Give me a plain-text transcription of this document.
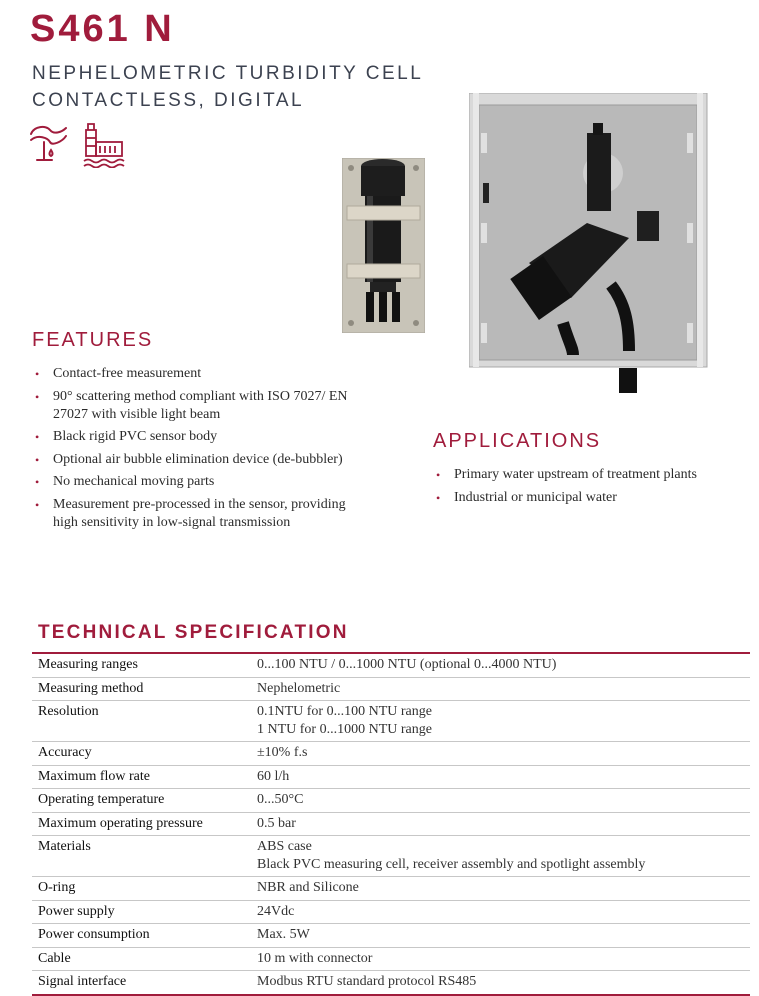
S461 N
NEPHELOMETRIC TURBIDITY CELL
CONTACTLESS, DIGITAL
FEATURES
• Contact-free measurement
• 90° scattering method compliant with ISO 7027/ EN 27027 with visible light beam
• Black rigid PVC sensor body
• Optional air bubble elimination device (de-bubbler)
• No mechanical moving parts
• Measurement pre-processed in the sensor, providing high sensitivity in low-signal transmission
APPLICATIONS
• Primary water upstream of treatment plants
• Industrial or municipal water
TECHNICAL SPECIFICATION
Measuring ranges	0...100 NTU / 0...1000 NTU (optional 0...4000 NTU)

Measuring method	Nephelometric

Resolution	0.1NTU for 0...100 NTU range
1 NTU for 0...1000 NTU range

Accuracy	±10% f.s

Maximum flow rate	60 l/h

Operating temperature	0...50°C

Maximum operating pressure	0.5 bar

Materials	ABS case
Black PVC measuring cell, receiver assembly and spotlight assembly

O-ring	NBR and Silicone

Power supply	24Vdc

Power consumption	Max. 5W

Cable	10 m with connector

Signal interface	Modbus RTU standard protocol RS485
